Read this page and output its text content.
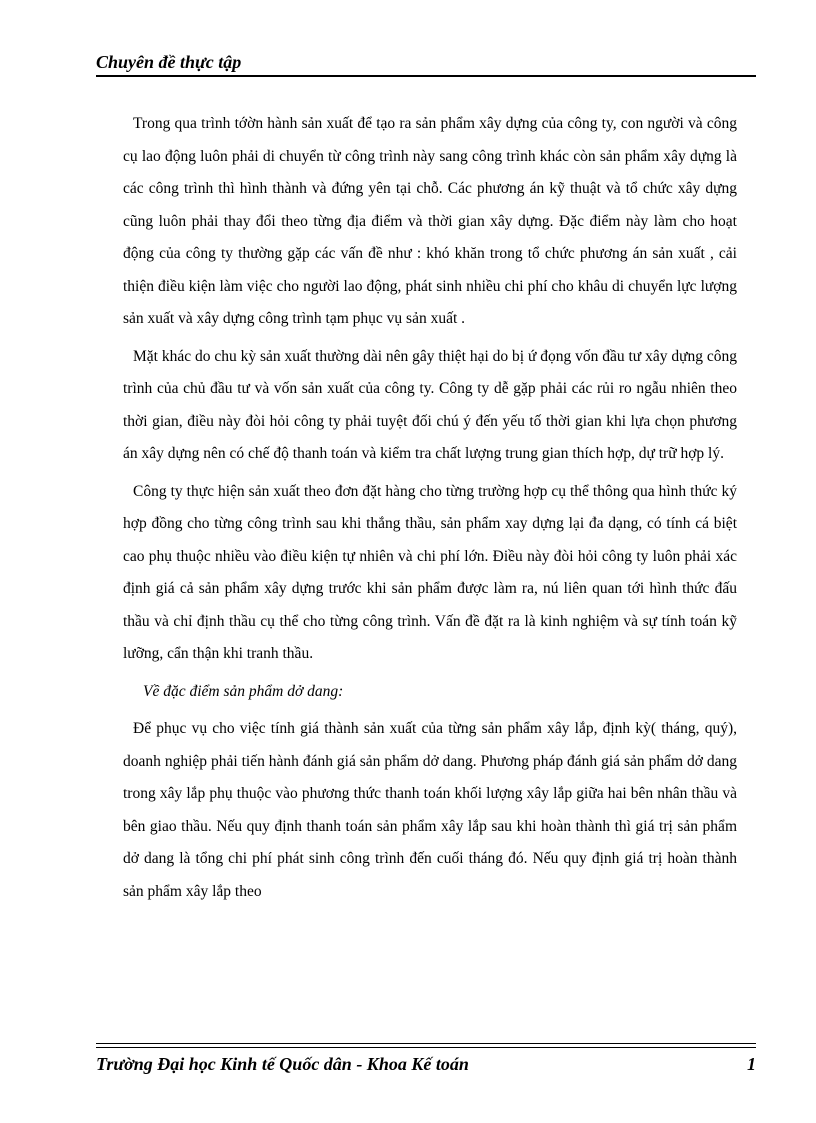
Chuyên đề thực tập

Trong qua trình tớờn hành sản xuất để tạo ra sản phẩm xây dựng của công ty, con người và công cụ lao động luôn phải di chuyển từ công trình này sang công trình khác còn sản phẩm xây dựng là các công trình thì hình thành và đứng yên tại chỗ. Các phương án kỹ thuật và tổ chức xây dựng cũng luôn phải thay đổi theo từng địa điểm và thời gian xây dựng. Đặc điểm này làm cho hoạt động của công ty thường gặp các vấn đề như : khó khăn trong tổ chức phương án sản xuất , cải thiện điều kiện làm việc cho người lao động, phát sinh nhiều chi phí cho khâu di chuyển lực lượng sản xuất và xây dựng công trình tạm phục vụ sản xuất .

Mặt khác do chu kỳ sản xuất thường dài nên gây thiệt hại do bị ứ đọng vốn đầu tư xây dựng công trình của chủ đầu tư và vốn sản xuất của công ty. Công ty dễ gặp phải các rủi ro ngẫu nhiên theo thời gian, điều này đòi hỏi công ty phải tuyệt đối chú ý đến yếu tố thời gian khi lựa chọn phương án xây dựng nên có chế độ thanh toán và kiểm tra chất lượng trung gian thích hợp, dự trữ hợp lý.

Công ty thực hiện sản xuất theo đơn đặt hàng cho từng trường hợp cụ thể thông qua hình thức ký hợp đồng cho từng công trình sau khi thắng thầu, sản phẩm xay dựng lại đa dạng, có tính cá biệt cao phụ thuộc nhiều vào điều kiện tự nhiên và chi phí lớn. Điều này đòi hỏi công ty luôn phải xác định giá cả sản phẩm xây dựng trước khi sản phẩm được làm ra, nú liên quan tới hình thức đấu thầu và chỉ định thầu cụ thể cho từng công trình. Vấn đề đặt ra là kinh nghiệm và sự tính toán kỹ lưỡng, cẩn thận khi tranh thầu.

Về đặc điểm sản phẩm dở dang:

Để phục vụ cho việc tính giá thành sản xuất của từng sản phẩm xây lắp, định kỳ( tháng, quý), doanh nghiệp phải tiến hành đánh giá sản phẩm dở dang. Phương pháp đánh giá sản phẩm dở dang trong xây lắp phụ thuộc vào phương thức thanh toán khối lượng xây lắp giữa hai bên nhân thầu và bên giao thầu. Nếu quy định thanh toán sản phẩm xây lắp sau khi hoàn thành thì giá trị sản phẩm dở dang là tổng chi phí phát sinh công trình đến cuối tháng đó. Nếu quy định giá trị hoàn thành sản phẩm xây lắp theo

Trường Đại học Kinh tế Quốc dân - Khoa Kế toán	1
